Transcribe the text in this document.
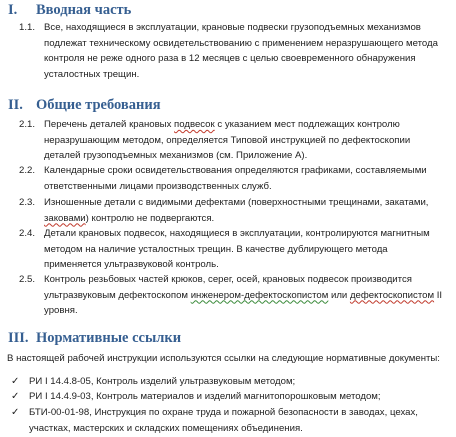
I.	Вводная часть
1.1. Все, находящиеся в эксплуатации, крановые подвески грузоподъемных механизмов подлежат техническому освидетельствованию с применением неразрушающего метода контроля не реже одного раза в 12 месяцев с целью своевременного обнаружения усталостных трещин.
II. Общие требования
2.1. Перечень деталей крановых подвесок с указанием мест подлежащих контролю неразрушающим методом, определяется Типовой инструкцией по дефектоскопии деталей грузоподъемных механизмов (см. Приложение А).
2.2. Календарные сроки освидетельствования определяются графиками, составляемыми ответственными лицами производственных служб.
2.3. Изношенные детали с видимыми дефектами (поверхностными трещинами, закатами, заковами) контролю не подвергаются.
2.4. Детали крановых подвесок, находящиеся в эксплуатации, контролируются магнитным методом на наличие усталостных трещин. В качестве дублирующего метода применяется ультразвуковой контроль.
2.5. Контроль резьбовых частей крюков, серег, осей, крановых подвесок производится ультразвуковым дефектоскопом инженером-дефектоскопистом или дефектоскопистом II уровня.
III. Нормативные ссылки
В настоящей рабочей инструкции используются ссылки на следующие нормативные документы:
✓	РИ I 14.4.8-05, Контроль изделий ультразвуковым методом;
✓	РИ I 14.4.9-03, Контроль материалов и изделий магнитопорошковым методом;
✓	БТИ-00-01-98, Инструкция по охране труда и пожарной безопасности в заводах, цехах, участках, мастерских и складских помещениях объединения.
